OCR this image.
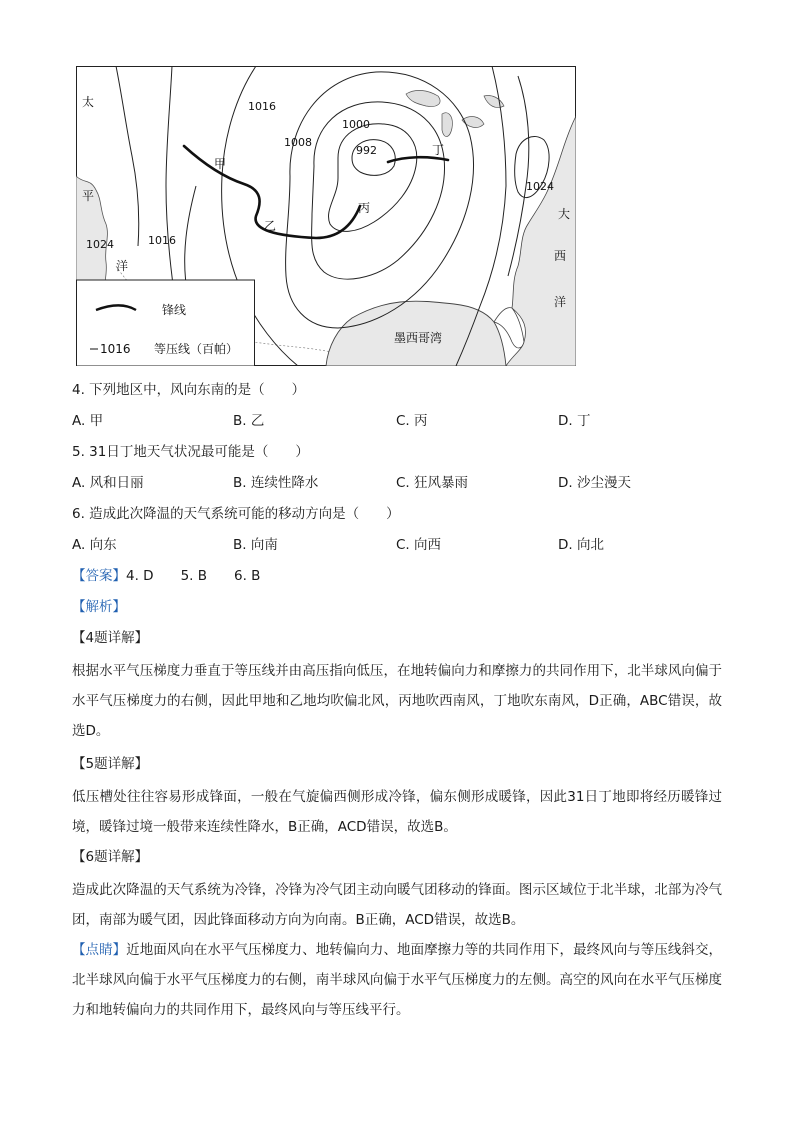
太
平
洋
大
西
洋
甲
乙
丙
丁
墨西哥湾
1016
1008
1000
992
1016
1024
1024
锋线
1016 等压线（百帕）
4. 下列地区中，风向东南的是（　　）
A. 甲	B. 乙	C. 丙	D. 丁
5. 31日丁地天气状况最可能是（　　）
A. 风和日丽	B. 连续性降水	C. 狂风暴雨	D. 沙尘漫天
6. 造成此次降温的天气系统可能的移动方向是（　　）
A. 向东	B. 向南	C. 向西	D. 向北
【答案】4. D　　5. B　　6. B
【解析】
【4题详解】
根据水平气压梯度力垂直于等压线并由高压指向低压，在地转偏向力和摩擦力的共同作用下，北半球风向偏于水平气压梯度力的右侧，因此甲地和乙地均吹偏北风，丙地吹西南风，丁地吹东南风，D正确，ABC错误，故选D。
【5题详解】
低压槽处往往容易形成锋面，一般在气旋偏西侧形成冷锋，偏东侧形成暖锋，因此31日丁地即将经历暖锋过境，暖锋过境一般带来连续性降水，B正确，ACD错误，故选B。
【6题详解】
造成此次降温的天气系统为冷锋，冷锋为冷气团主动向暖气团移动的锋面。图示区域位于北半球，北部为冷气团，南部为暖气团，因此锋面移动方向为向南。B正确，ACD错误，故选B。
【点睛】近地面风向在水平气压梯度力、地转偏向力、地面摩擦力等的共同作用下，最终风向与等压线斜交，北半球风向偏于水平气压梯度力的右侧，南半球风向偏于水平气压梯度力的左侧。高空的风向在水平气压梯度力和地转偏向力的共同作用下，最终风向与等压线平行。
